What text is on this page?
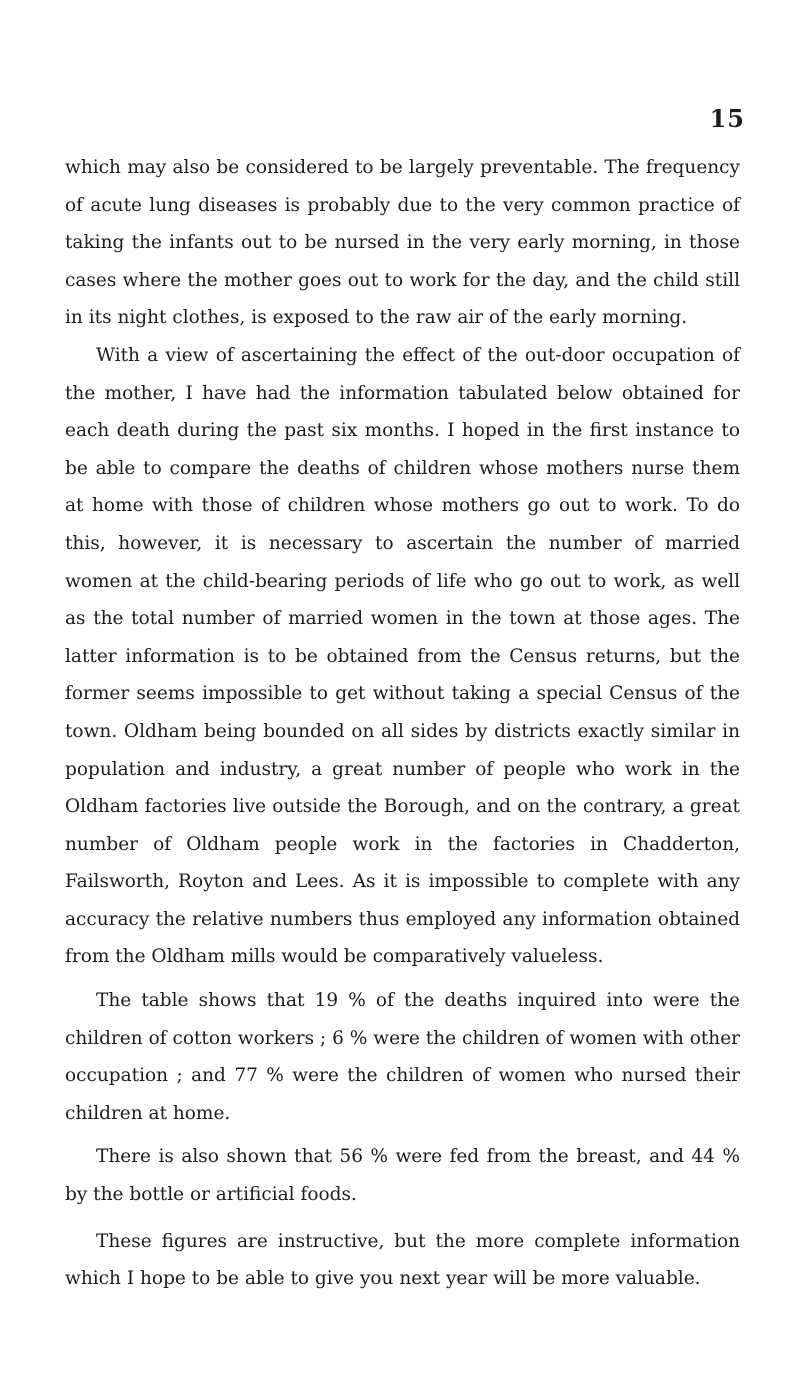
15

which may also be considered to be largely preventable. The frequency of acute lung diseases is probably due to the very common practice of taking the infants out to be nursed in the very early morning, in those cases where the mother goes out to work for the day, and the child still in its night clothes, is exposed to the raw air of the early morning.

With a view of ascertaining the effect of the out-door occupation of the mother, I have had the information tabulated below obtained for each death during the past six months. I hoped in the first instance to be able to compare the deaths of children whose mothers nurse them at home with those of children whose mothers go out to work. To do this, however, it is necessary to ascertain the number of married women at the child-bearing periods of life who go out to work, as well as the total number of married women in the town at those ages. The latter information is to be obtained from the Census returns, but the former seems impossible to get without taking a special Census of the town. Oldham being bounded on all sides by districts exactly similar in population and industry, a great number of people who work in the Oldham factories live outside the Borough, and on the contrary, a great number of Oldham people work in the factories in Chadderton, Failsworth, Royton and Lees. As it is impossible to complete with any accuracy the relative numbers thus employed any information obtained from the Oldham mills would be comparatively valueless.

The table shows that 19 % of the deaths inquired into were the children of cotton workers ; 6 % were the children of women with other occupation ; and 77 % were the children of women who nursed their children at home.

There is also shown that 56 % were fed from the breast, and 44 % by the bottle or artificial foods.

These figures are instructive, but the more complete information which I hope to be able to give you next year will be more valuable.
